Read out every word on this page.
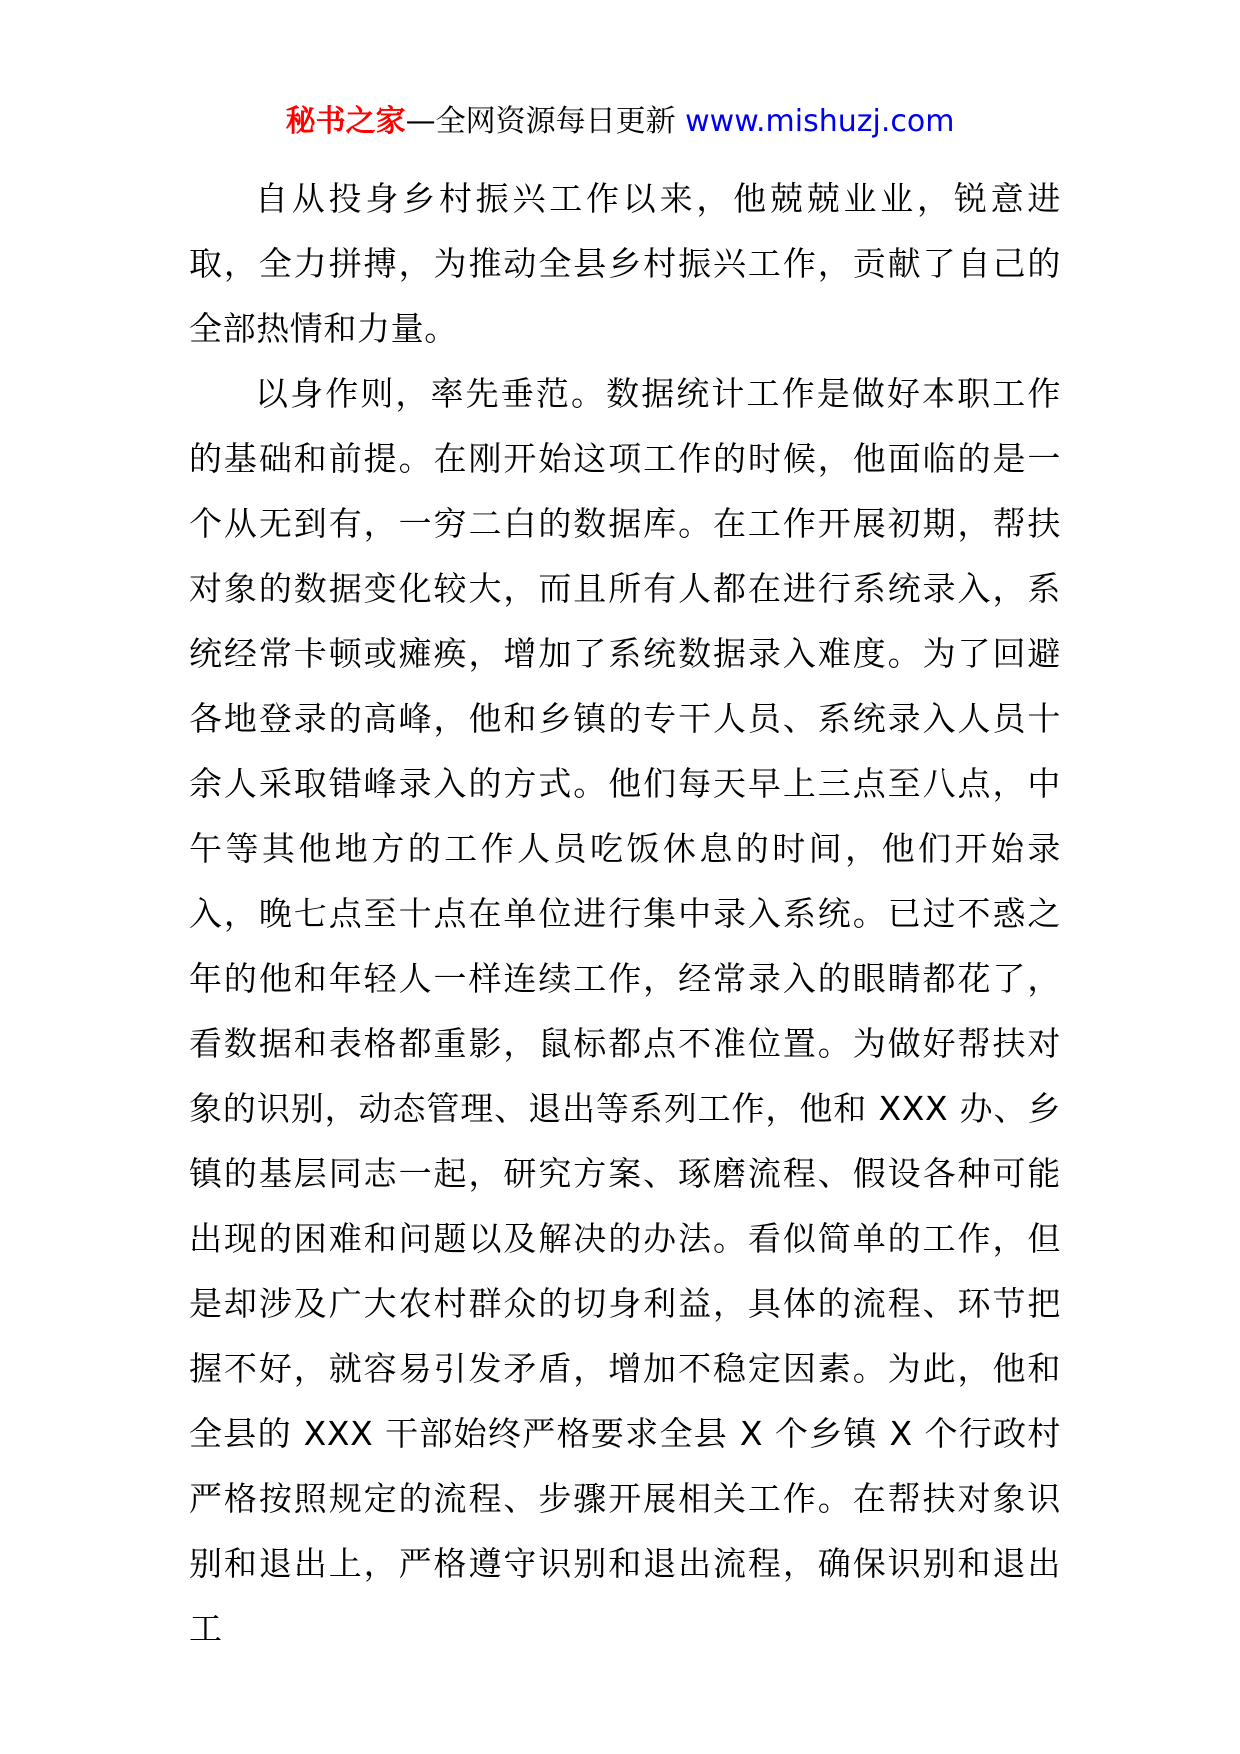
秘书之家—全网资源每日更新 www.mishuzj.com

自从投身乡村振兴工作以来，他兢兢业业，锐意进取，全力拼搏，为推动全县乡村振兴工作，贡献了自己的全部热情和力量。

以身作则，率先垂范。数据统计工作是做好本职工作的基础和前提。在刚开始这项工作的时候，他面临的是一个从无到有，一穷二白的数据库。在工作开展初期，帮扶对象的数据变化较大，而且所有人都在进行系统录入，系统经常卡顿或瘫痪，增加了系统数据录入难度。为了回避各地登录的高峰，他和乡镇的专干人员、系统录入人员十余人采取错峰录入的方式。他们每天早上三点至八点，中午等其他地方的工作人员吃饭休息的时间，他们开始录入，晚七点至十点在单位进行集中录入系统。已过不惑之年的他和年轻人一样连续工作，经常录入的眼睛都花了，看数据和表格都重影，鼠标都点不准位置。为做好帮扶对象的识别，动态管理、退出等系列工作，他和 XXX 办、乡镇的基层同志一起，研究方案、琢磨流程、假设各种可能出现的困难和问题以及解决的办法。看似简单的工作，但是却涉及广大农村群众的切身利益，具体的流程、环节把握不好，就容易引发矛盾，增加不稳定因素。为此，他和全县的 XXX 干部始终严格要求全县 X 个乡镇 X 个行政村严格按照规定的流程、步骤开展相关工作。在帮扶对象识别和退出上，严格遵守识别和退出流程，确保识别和退出工
